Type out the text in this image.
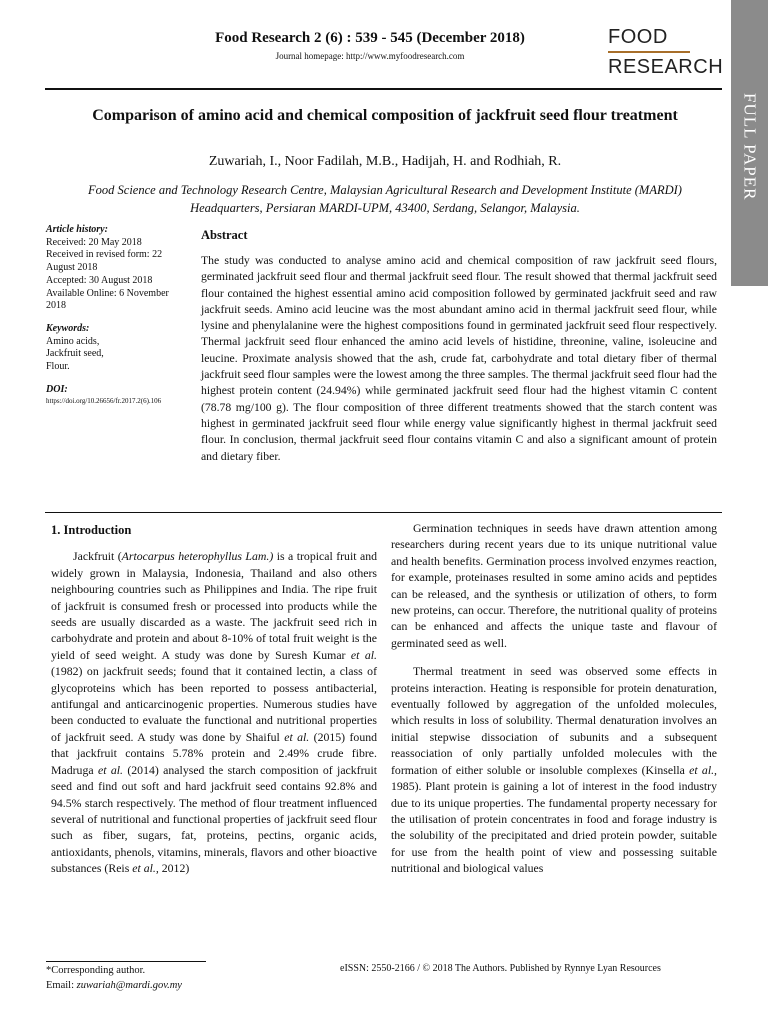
Food Research 2 (6) : 539 - 545 (December 2018)
Journal homepage: http://www.myfoodresearch.com
FOOD
RESEARCH
FULL PAPER
Comparison of amino acid and chemical composition of jackfruit seed flour treatment
Zuwariah, I., Noor Fadilah, M.B., Hadijah, H. and Rodhiah, R.
Food Science and Technology Research Centre, Malaysian Agricultural Research and Development Institute (MARDI) Headquarters, Persiaran MARDI-UPM, 43400, Serdang, Selangor, Malaysia.
Article history:
Received: 20 May 2018
Received in revised form: 22 August 2018
Accepted: 30 August 2018
Available Online: 6 November 2018
Keywords:
Amino acids,
Jackfruit seed,
Flour.
DOI:
https://doi.org/10.26656/fr.2017.2(6).106
Abstract
The study was conducted to analyse amino acid and chemical composition of raw jackfruit seed flours, germinated jackfruit seed flour and thermal jackfruit seed flour. The result showed that thermal jackfruit seed flour contained the highest essential amino acid composition followed by germinated jackfruit seed and raw jackfruit seeds. Amino acid leucine was the most abundant amino acid in thermal jackfruit seed flour, while lysine and phenylalanine were the highest compositions found in germinated jackfruit seed flour respectively. Thermal jackfruit seed flour enhanced the amino acid levels of histidine, threonine, valine, isoleucine and leucine. Proximate analysis showed that the ash, crude fat, carbohydrate and total dietary fiber of thermal jackfruit seed flour samples were the lowest among the three samples. The thermal jackfruit seed flour had the highest protein content (24.94%) while germinated jackfruit seed flour had the highest vitamin C content (78.78 mg/100 g). The flour composition of three different treatments showed that the starch content was highest in germinated jackfruit seed flour while energy value significantly highest in thermal jackfruit seed flour. In conclusion, thermal jackfruit seed flour contains vitamin C and also a significant amount of protein and dietary fiber.
1. Introduction

Jackfruit (Artocarpus heterophyllus Lam.) is a tropical fruit and widely grown in Malaysia, Indonesia, Thailand and also others neighbouring countries such as Philippines and India. The ripe fruit of jackfruit is consumed fresh or processed into products while the seeds are usually discarded as a waste. The jackfruit seed rich in carbohydrate and protein and about 8-10% of total fruit weight is the yield of seed weight. A study was done by Suresh Kumar et al. (1982) on jackfruit seeds; found that it contained lectin, a class of glycoproteins which has been reported to possess antibacterial, antifungal and anticarcinogenic properties. Numerous studies have been conducted to evaluate the functional and nutritional properties of jackfruit seed. A study was done by Shaiful et al. (2015) found that jackfruit contains 5.78% protein and 2.49% crude fibre. Madruga et al. (2014) analysed the starch composition of jackfruit seed and find out soft and hard jackfruit seed contains 92.8% and 94.5% starch respectively. The method of flour treatment influenced several of nutritional and functional properties of jackfruit seed flour such as fiber, sugars, fat, proteins, pectins, organic acids, antioxidants, phenols, vitamins, minerals, flavors and other bioactive substances (Reis et al., 2012)

Germination techniques in seeds have drawn attention among researchers during recent years due to its unique nutritional value and health benefits. Germination process involved enzymes reaction, for example, proteinases resulted in some amino acids and peptides can be released, and the synthesis or utilization of others, to form new proteins, can occur. Therefore, the nutritional quality of proteins can be enhanced and affects the unique taste and flavour of germinated seed as well.

Thermal treatment in seed was observed some effects in proteins interaction. Heating is responsible for protein denaturation, eventually followed by aggregation of the unfolded molecules, which results in loss of solubility. Thermal denaturation involves an initial stepwise dissociation of subunits and a subsequent reassociation of only partially unfolded molecules with the formation of either soluble or insoluble complexes (Kinsella et al., 1985). Plant protein is gaining a lot of interest in the food industry due to its unique properties. The fundamental property necessary for the utilisation of protein concentrates in food and forage industry is the solubility of the precipitated and dried protein powder, suitable for use from the health point of view and possessing suitable nutritional and biological values

*Corresponding author.
Email: zuwariah@mardi.gov.my
eISSN: 2550-2166 / © 2018 The Authors. Published by Rynnye Lyan Resources
